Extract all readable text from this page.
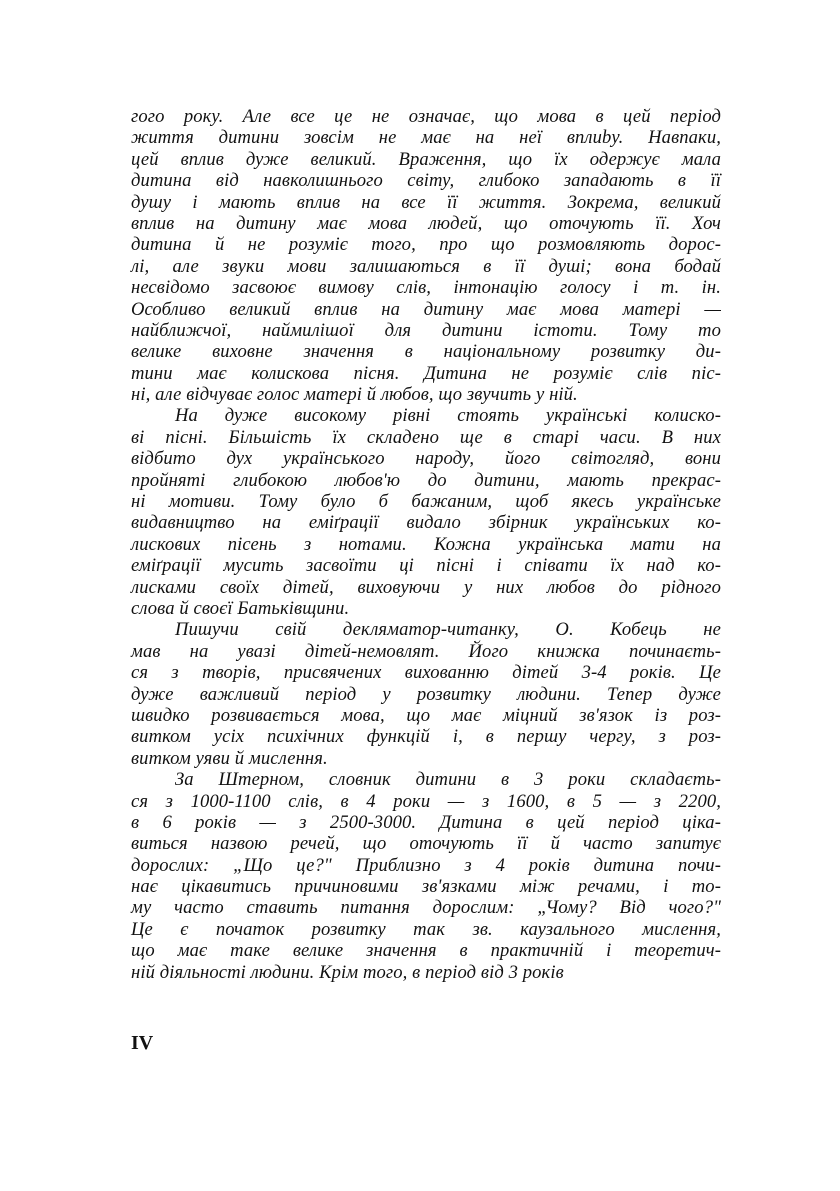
гого року. Але все це не означає, що мова в цей період
життя дитини зовсім не має на неї вплиbу. Навпаки,
цей вплив дуже великий. Враження, що їх одержує мала
дитина від навколишнього світу, глибоко западають в її
душу і мають вплив на все її життя. Зокрема, великий
вплив на дитину має мова людей, що оточують її. Хоч
дитина й не розуміє того, про що розмовляють дорос-
лі, але звуки мови залишаються в її душі; вона бодай
несвідомо засвоює вимову слів, інтонацію голосу і т. ін.
Особливо великий вплив на дитину має мова матері —
найближчої, наймилішої для дитини істоти. Тому то
велике виховне значення в національному розвитку ди-
тини має колискова пісня. Дитина не розуміє слів піс-
ні, але відчуває голос матері й любов, що звучить у ній.
На дуже високому рівні стоять українські колиско-
ві пісні. Більшість їх складено ще в старі часи. В них
відбито дух українського народу, його світогляд, вони
пройняті глибокою любов'ю до дитини, мають прекрас-
ні мотиви. Тому було б бажаним, щоб якесь українське
видавництво на еміґрації видало збірник українських ко-
лискових пісень з нотами. Кожна українська мати на
еміґрації мусить засвоїти ці пісні і співати їх над ко-
лисками своїх дітей, виховуючи у них любов до рідного
слова й своєї Батьківщини.
Пишучи свій декляматор-читанку, О. Кобець не
мав на увазі дітей-немовлят. Його книжка починаєть-
ся з творів, присвячених вихованню дітей 3-4 років. Це
дуже важливий період у розвитку людини. Тепер дуже
швидко розвивається мова, що має міцний зв'язок із роз-
витком усіх психічних функцій і, в першу чергу, з роз-
витком уяви й мислення.
За Штерном, словник дитини в 3 роки складаєть-
ся з 1000-1100 слів, в 4 роки — з 1600, в 5 — з 2200,
в 6 років — з 2500-3000. Дитина в цей період ціка-
виться назвою речей, що оточують її й часто запитує
дорослих: „Що це?" Приблизно з 4 років дитина почи-
нає цікавитись причиновими зв'язками між речами, і то-
му часто ставить питання дорослим: „Чому? Від чого?"
Це є початок розвитку так зв. каузального мислення,
що має таке велике значення в практичній і теоретич-
ній діяльності людини. Крім того, в період від 3 років
IV
